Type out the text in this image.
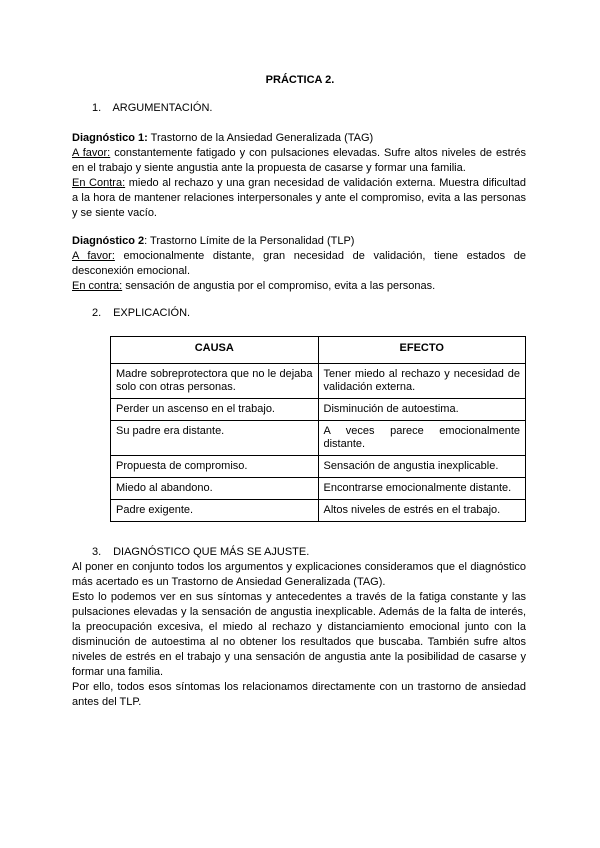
PRÁCTICA 2.
1. ARGUMENTACIÓN.

Diagnóstico 1: Trastorno de la Ansiedad Generalizada (TAG)

A favor: constantemente fatigado y con pulsaciones elevadas. Sufre altos niveles de estrés en el trabajo y siente angustia ante la propuesta de casarse y formar una familia.

En Contra: miedo al rechazo y una gran necesidad de validación externa. Muestra dificultad a la hora de mantener relaciones interpersonales y ante el compromiso, evita a las personas y se siente vacío.

Diagnóstico 2: Trastorno Límite de la Personalidad (TLP)

A favor: emocionalmente distante, gran necesidad de validación, tiene estados de desconexión emocional.

En contra: sensación de angustia por el compromiso, evita a las personas.

2. EXPLICACIÓN.
CAUSA	EFECTO
Madre sobreprotectora que no le dejaba solo con otras personas.	Tener miedo al rechazo y necesidad de validación externa.
Perder un ascenso en el trabajo.	Disminución de autoestima.
Su padre era distante.	A veces parece emocionalmente distante.
Propuesta de compromiso.	Sensación de angustia inexplicable.
Miedo al abandono.	Encontrarse emocionalmente distante.
Padre exigente.	Altos niveles de estrés en el trabajo.
3. DIAGNÓSTICO QUE MÁS SE AJUSTE.

Al poner en conjunto todos los argumentos y explicaciones consideramos que el diagnóstico más acertado es un Trastorno de Ansiedad Generalizada (TAG).

Esto lo podemos ver en sus síntomas y antecedentes a través de la fatiga constante y las pulsaciones elevadas y la sensación de angustia inexplicable. Además de la falta de interés, la preocupación excesiva, el miedo al rechazo y distanciamiento emocional junto con la disminución de autoestima al no obtener los resultados que buscaba. También sufre altos niveles de estrés en el trabajo y una sensación de angustia ante la posibilidad de casarse y formar una familia.

Por ello, todos esos síntomas los relacionamos directamente con un trastorno de ansiedad antes del TLP.
